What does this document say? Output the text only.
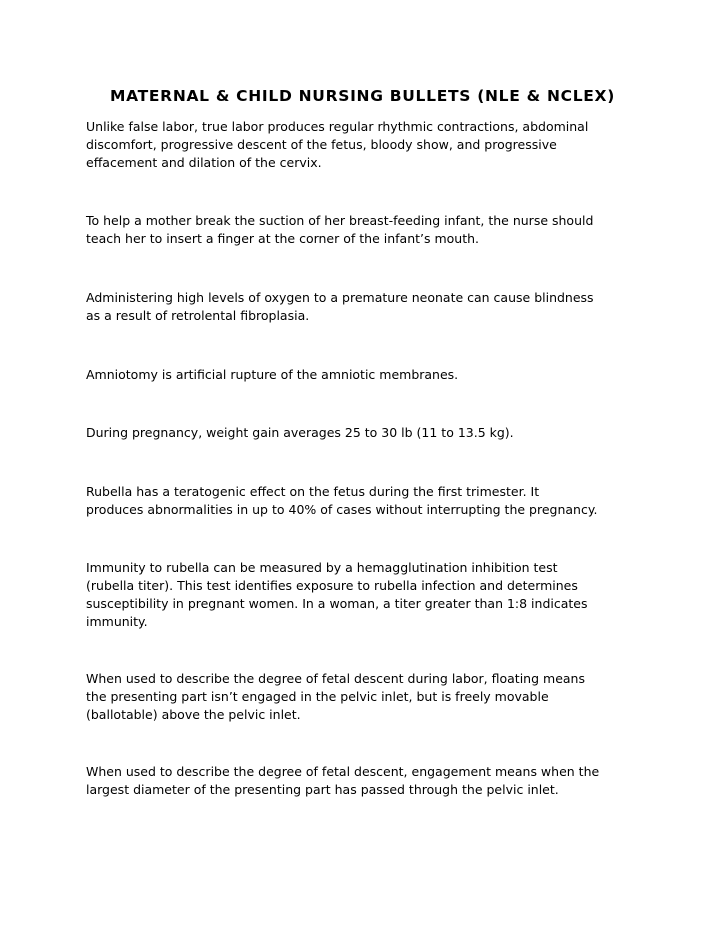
MATERNAL & CHILD NURSING BULLETS (NLE & NCLEX)

Unlike false labor, true labor produces regular rhythmic contractions, abdominal
discomfort, progressive descent of the fetus, bloody show, and progressive
effacement and dilation of the cervix.

To help a mother break the suction of her breast-feeding infant, the nurse should
teach her to insert a finger at the corner of the infant’s mouth.

Administering high levels of oxygen to a premature neonate can cause blindness
as a result of retrolental fibroplasia.

Amniotomy is artificial rupture of the amniotic membranes.

During pregnancy, weight gain averages 25 to 30 lb (11 to 13.5 kg).

Rubella has a teratogenic effect on the fetus during the first trimester. It
produces abnormalities in up to 40% of cases without interrupting the pregnancy.

Immunity to rubella can be measured by a hemagglutination inhibition test
(rubella titer). This test identifies exposure to rubella infection and determines
susceptibility in pregnant women. In a woman, a titer greater than 1:8 indicates
immunity.

When used to describe the degree of fetal descent during labor, floating means
the presenting part isn’t engaged in the pelvic inlet, but is freely movable
(ballotable) above the pelvic inlet.

When used to describe the degree of fetal descent, engagement means when the
largest diameter of the presenting part has passed through the pelvic inlet.
